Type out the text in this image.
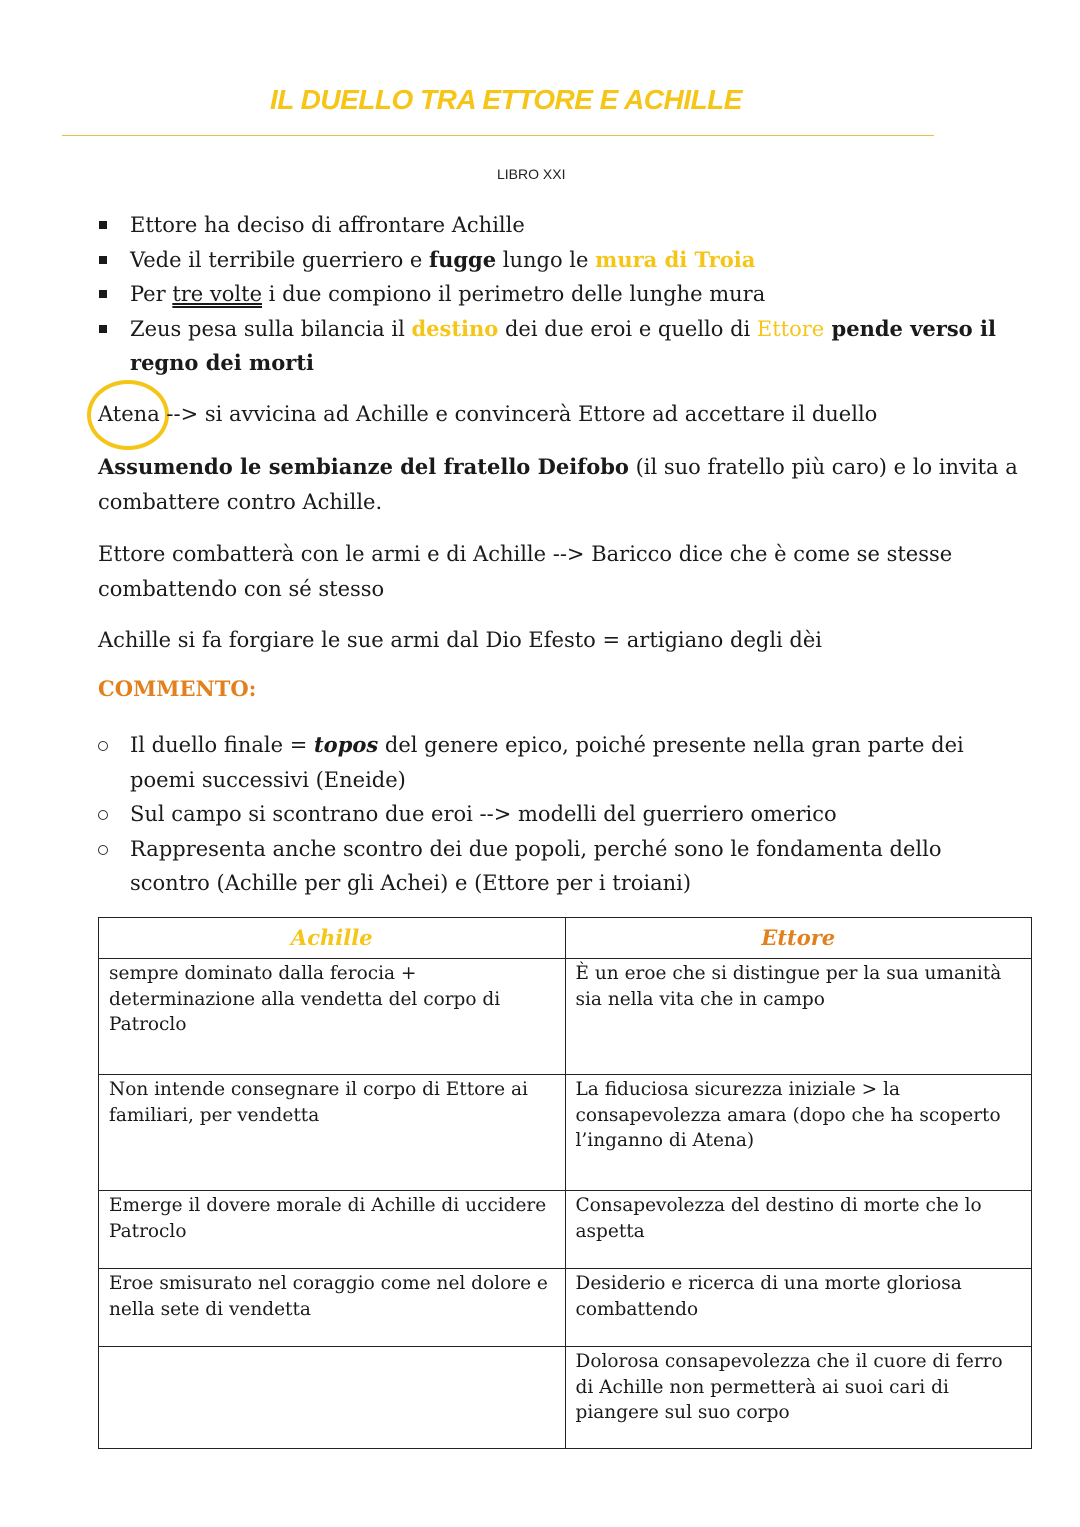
IL DUELLO TRA ETTORE E ACHILLE
LIBRO XXI
Ettore ha deciso di affrontare Achille
Vede il terribile guerriero e fugge lungo le mura di Troia
Per tre volte i due compiono il perimetro delle lunghe mura
Zeus pesa sulla bilancia il destino dei due eroi e quello di Ettore pende verso il regno dei morti
Atena --> si avvicina ad Achille e convincerà Ettore ad accettare il duello

Assumendo le sembianze del fratello Deifobo (il suo fratello più caro) e lo invita a combattere contro Achille.

Ettore combatterà con le armi e di Achille --> Baricco dice che è come se stesse combattendo con sé stesso

Achille si fa forgiare le sue armi dal Dio Efesto = artigiano degli dèi

COMMENTO:
Il duello finale = topos del genere epico, poiché presente nella gran parte dei poemi successivi (Eneide)
Sul campo si scontrano due eroi --> modelli del guerriero omerico
Rappresenta anche scontro dei due popoli, perché sono le fondamenta dello scontro (Achille per gli Achei) e (Ettore per i troiani)
Achille	Ettore
sempre dominato dalla ferocia + determinazione alla vendetta del corpo di Patroclo	È un eroe che si distingue per la sua umanità sia nella vita che in campo
Non intende consegnare il corpo di Ettore ai familiari, per vendetta	La fiduciosa sicurezza iniziale > la consapevolezza amara (dopo che ha scoperto l’inganno di Atena)
Emerge il dovere morale di Achille di uccidere Patroclo	Consapevolezza del destino di morte che lo aspetta
Eroe smisurato nel coraggio come nel dolore e nella sete di vendetta	Desiderio e ricerca di una morte gloriosa combattendo
	Dolorosa consapevolezza che il cuore di ferro di Achille non permetterà ai suoi cari di piangere sul suo corpo
